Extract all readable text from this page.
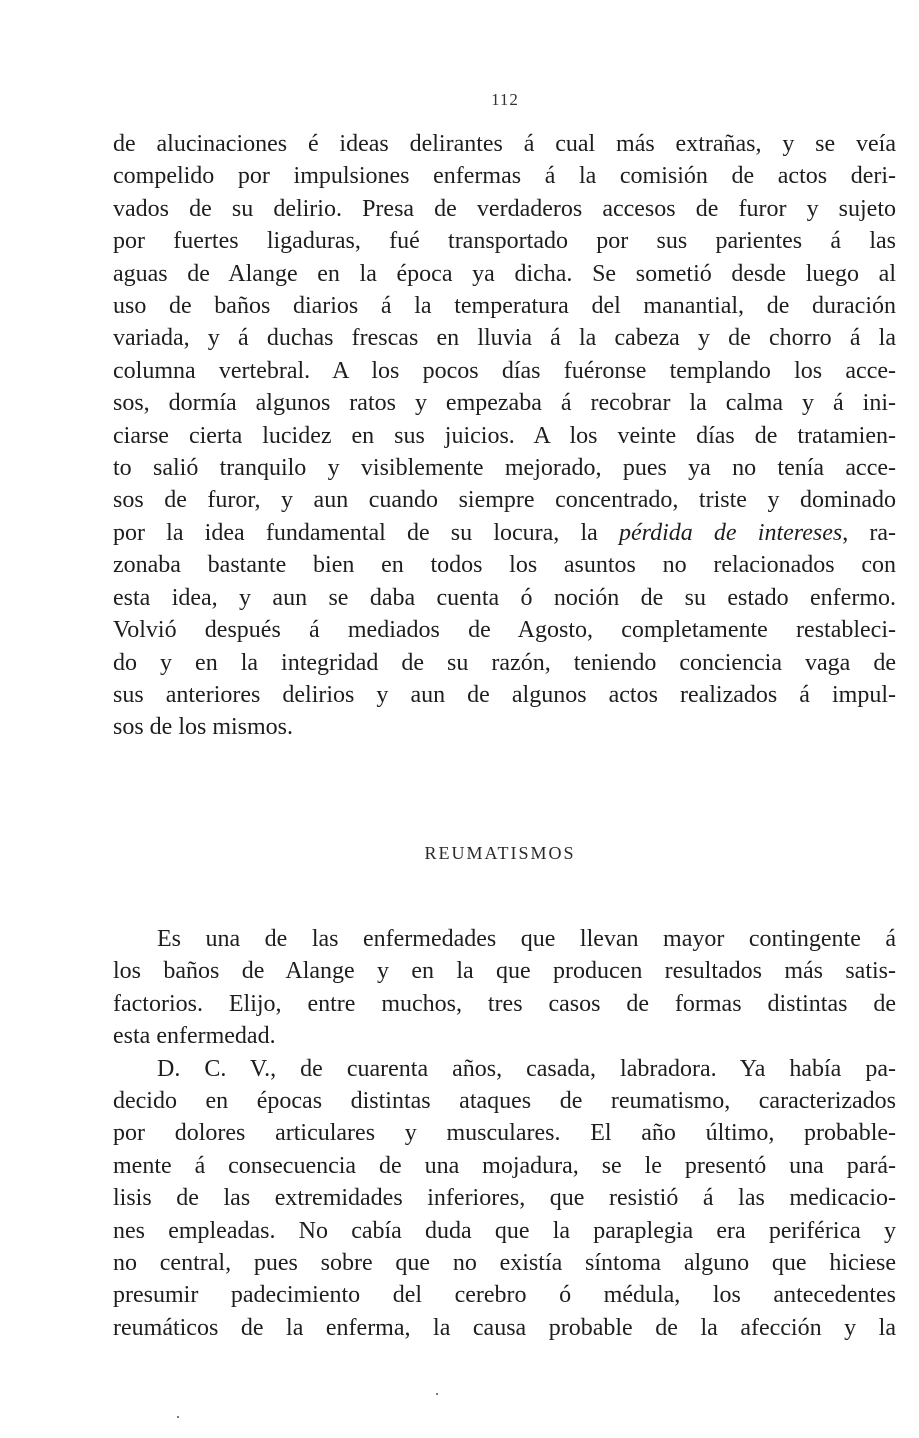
112
de alucinaciones é ideas delirantes á cual más extrañas, y se veía
compelido por impulsiones enfermas á la comisión de actos deri-
vados de su delirio. Presa de verdaderos accesos de furor y sujeto
por fuertes ligaduras, fué transportado por sus parientes á las
aguas de Alange en la época ya dicha. Se sometió desde luego al
uso de baños diarios á la temperatura del manantial, de duración
variada, y á duchas frescas en lluvia á la cabeza y de chorro á la
columna vertebral. A los pocos días fuéronse templando los acce-
sos, dormía algunos ratos y empezaba á recobrar la calma y á ini-
ciarse cierta lucidez en sus juicios. A los veinte días de tratamien-
to salió tranquilo y visiblemente mejorado, pues ya no tenía acce-
sos de furor, y aun cuando siempre concentrado, triste y dominado
por la idea fundamental de su locura, la pérdida de intereses, ra-
zonaba bastante bien en todos los asuntos no relacionados con
esta idea, y aun se daba cuenta ó noción de su estado enfermo.
Volvió después á mediados de Agosto, completamente restableci-
do y en la integridad de su razón, teniendo conciencia vaga de
sus anteriores delirios y aun de algunos actos realizados á impul-
sos de los mismos.
REUMATISMOS
Es una de las enfermedades que llevan mayor contingente á
los baños de Alange y en la que producen resultados más satis-
factorios. Elijo, entre muchos, tres casos de formas distintas de
esta enfermedad.
D. C. V., de cuarenta años, casada, labradora. Ya había pa-
decido en épocas distintas ataques de reumatismo, caracterizados
por dolores articulares y musculares. El año último, probable-
mente á consecuencia de una mojadura, se le presentó una pará-
lisis de las extremidades inferiores, que resistió á las medicacio-
nes empleadas. No cabía duda que la paraplegia era periférica y
no central, pues sobre que no existía síntoma alguno que hiciese
presumir padecimiento del cerebro ó médula, los antecedentes
reumáticos de la enferma, la causa probable de la afección y la
